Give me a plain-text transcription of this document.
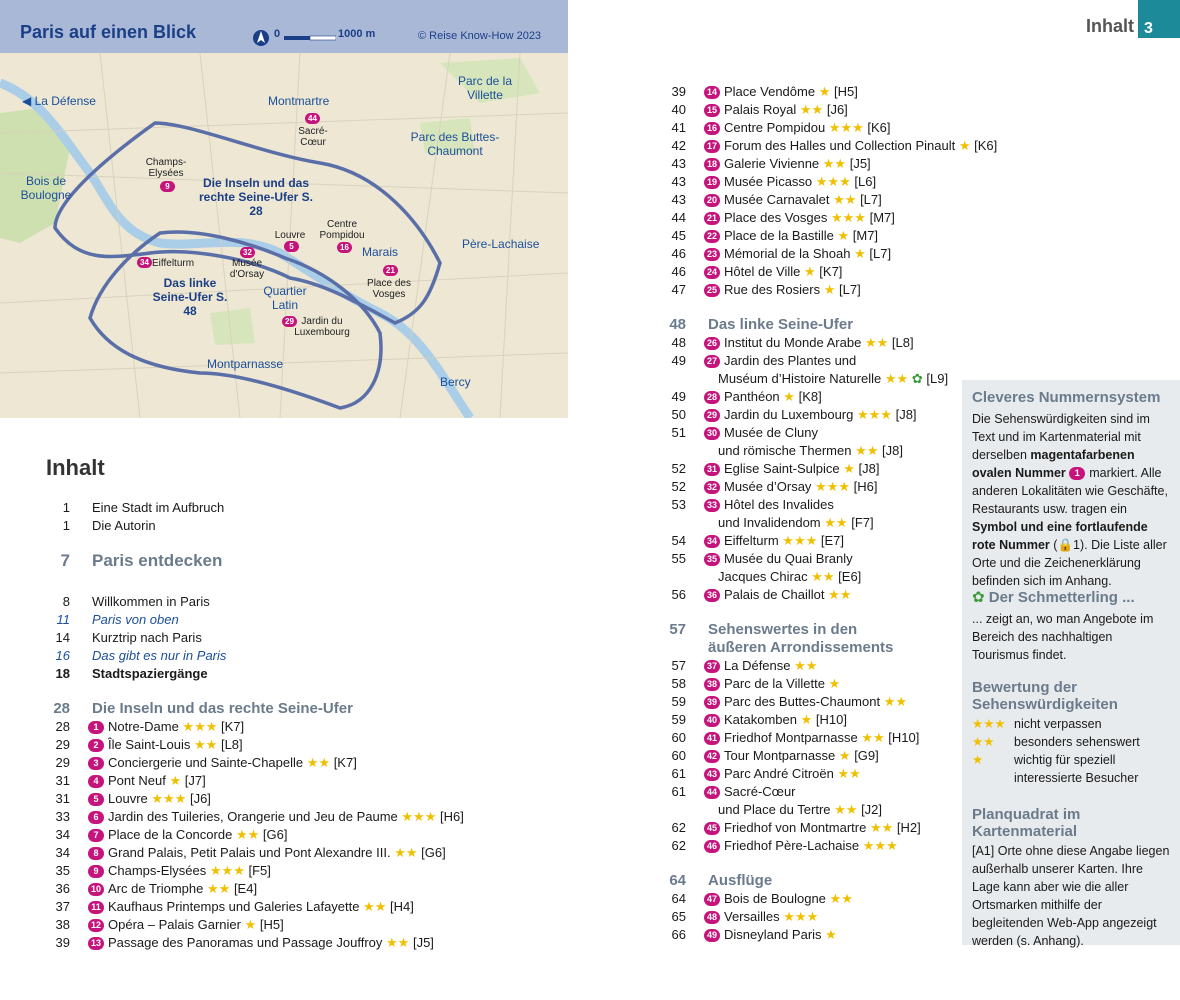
Paris auf einen Blick	0	1000 m	© Reise Know-How 2023
◀ La Défense	Montmartre
Parc de la Villette
Parc des Buttes-Chaumont
Bois de Boulogne
Père-Lachaise
Marais
Quartier Latin
Montparnasse
Bercy
Die Inseln und das rechte Seine-Ufer S. 28
Das linke Seine-Ufer S. 48
44
Sacré-Cœur
9
Champs-Elysées
5
Louvre
16
Centre Pompidou
32
Musée d'Orsay
34 Eiffelturm
21
Place des Vosges
29 Jardin du Luxembourg
Inhalt
1 Eine Stadt im Aufbruch
1 Die Autorin
7 Paris entdecken
8 Willkommen in Paris
11 Paris von oben
14 Kurztrip nach Paris
16 Das gibt es nur in Paris
18 Stadtspaziergänge
28 Die Inseln und das rechte Seine-Ufer
28	1 Notre-Dame ★★★ [K7]
29	2 Île Saint-Louis ★★ [L8]
29	3 Conciergerie und Sainte-Chapelle ★★ [K7]
31	4 Pont Neuf ★ [J7]
31	5 Louvre ★★★ [J6]
33	6 Jardin des Tuileries, Orangerie und Jeu de Paume ★★★ [H6]
34	7 Place de la Concorde ★★ [G6]
34	8 Grand Palais, Petit Palais und Pont Alexandre III. ★★ [G6]
35	9 Champs-Elysées ★★★ [F5]
36	10 Arc de Triomphe ★★ [E4]
37	11 Kaufhaus Printemps und Galeries Lafayette ★★ [H4]
38	12 Opéra – Palais Garnier ★ [H5]
39	13 Passage des Panoramas und Passage Jouffroy ★★ [J5]
39	14 Place Vendôme ★ [H5]
40	15 Palais Royal ★★ [J6]
41	16 Centre Pompidou ★★★ [K6]
42	17 Forum des Halles und Collection Pinault ★ [K6]
43	18 Galerie Vivienne ★★ [J5]
43	19 Musée Picasso ★★★ [L6]
43	20 Musée Carnavalet ★★ [L7]
44	21 Place des Vosges ★★★ [M7]
45	22 Place de la Bastille ★ [M7]
46	23 Mémorial de la Shoah ★ [L7]
46	24 Hôtel de Ville ★ [K7]
47	25 Rue des Rosiers ★ [L7]
48 Das linke Seine-Ufer
48	26 Institut du Monde Arabe ★★ [L8]
49	27 Jardin des Plantes und
Muséum d’Histoire Naturelle ★★ ✿ [L9]
49	28 Panthéon ★ [K8]
50	29 Jardin du Luxembourg ★★★ [J8]
51	30 Musée de Cluny
und römische Thermen ★★ [J8]
52	31 Eglise Saint-Sulpice ★ [J8]
52	32 Musée d’Orsay ★★★ [H6]
53	33 Hôtel des Invalides
und Invalidendom ★★ [F7]
54	34 Eiffelturm ★★★ [E7]
55	35 Musée du Quai Branly
Jacques Chirac ★★ [E6]
56	36 Palais de Chaillot ★★
57 Sehenswertes in den
äußeren Arrondissements
57	37 La Défense ★★
58	38 Parc de la Villette ★
59	39 Parc des Buttes-Chaumont ★★
59	40 Katakomben ★ [H10]
60	41 Friedhof Montparnasse ★★ [H10]
60	42 Tour Montparnasse ★ [G9]
61	43 Parc André Citroën ★★
61	44 Sacré-Cœur
und Place du Tertre ★★ [J2]
62	45 Friedhof von Montmartre ★★ [H2]
62	46 Friedhof Père-Lachaise ★★★
64 Ausflüge
64	47 Bois de Boulogne ★★
65	48 Versailles ★★★
66	49 Disneyland Paris ★
Inhalt 3
Cleveres Nummernsystem
Die Sehenswürdigkeiten sind im Text und im Kartenmaterial mit derselben magentafarbenen ovalen Nummer 1 markiert. Alle anderen Lokalitäten wie Geschäfte, Restaurants usw. tragen ein Symbol und eine fortlaufende rote Nummer (🔒1). Die Liste aller Orte und die Zeichenerklärung befinden sich im Anhang.
✿ Der Schmetterling ...
... zeigt an, wo man Angebote im Bereich des nachhaltigen Tourismus findet.
Bewertung der Sehenswürdigkeiten
★★★ nicht verpassen
★★ besonders sehenswert
★ wichtig für speziell interessierte Besucher
Planquadrat im Kartenmaterial
[A1] Orte ohne diese Angabe liegen außerhalb unserer Karten. Ihre Lage kann aber wie die aller Ortsmarken mithilfe der begleitenden Web-App angezeigt werden (s. Anhang).
